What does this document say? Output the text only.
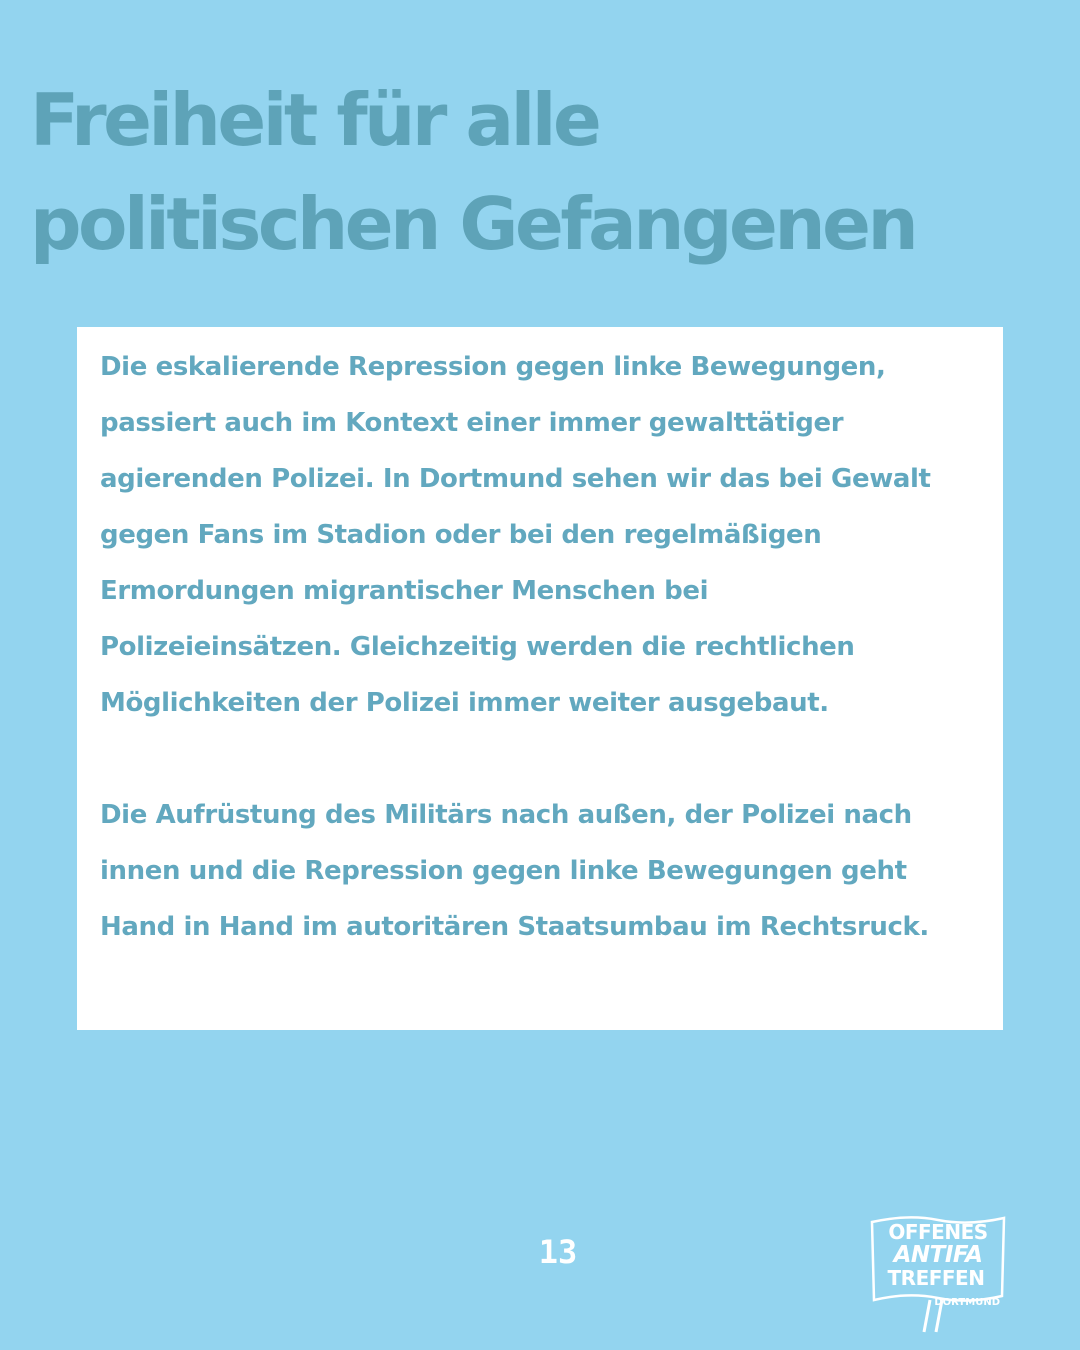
Freiheit für alle
politischen Gefangenen

Die eskalierende Repression gegen linke Bewegungen,
passiert auch im Kontext einer immer gewalttätiger
agierenden Polizei. In Dortmund sehen wir das bei Gewalt
gegen Fans im Stadion oder bei den regelmäßigen
Ermordungen migrantischer Menschen bei
Polizeieinsätzen. Gleichzeitig werden die rechtlichen
Möglichkeiten der Polizei immer weiter ausgebaut.

Die Aufrüstung des Militärs nach außen, der Polizei nach
innen und die Repression gegen linke Bewegungen geht
Hand in Hand im autoritären Staatsumbau im Rechtsruck.

13
OFFENES
ANTIFA
TREFFEN
DORTMUND
